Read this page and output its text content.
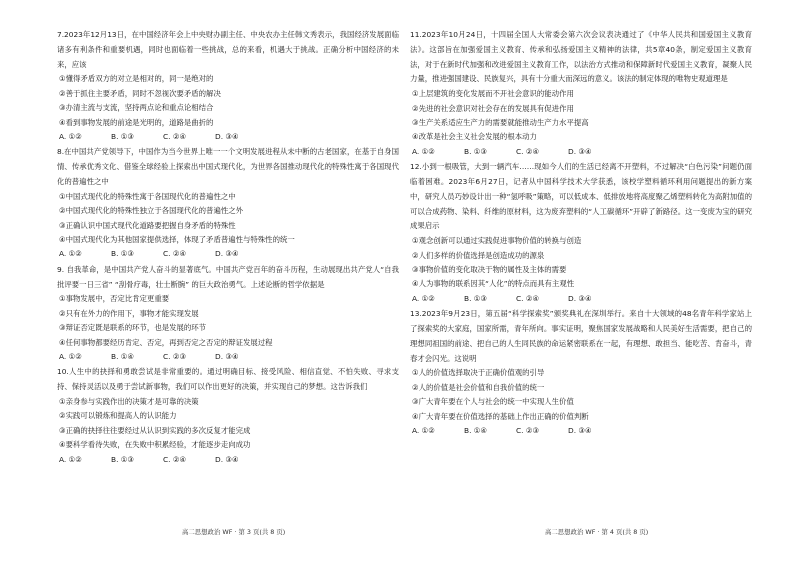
7.2023年12月13日，在中国经济年会上中央财办副主任、中央农办主任韩文秀表示，我国经济发展面临诸多有利条件和重要机遇，同时也面临着一些挑战，总的来看，机遇大于挑战。正确分析中国经济的未来，应该

①懂得矛盾双方的对立是相对的，同一是绝对的
②善于抓住主要矛盾，同时不忽视次要矛盾的解决
③办清主流与支流，坚持两点论和重点论相结合
④看到事物发展的前途是光明的，道路是曲折的
A. ①②	B. ①③	C. ②④	D. ③④

8.在中国共产党领导下，中国作为当今世界上唯一一个文明发展进程从未中断的古老国家，在基于自身国情、传承优秀文化、借鉴全球经验上探索出中国式现代化，为世界各国推动现代化的特殊性寓于各国现代化的普遍性之中

①中国式现代化的特殊性寓于各国现代化的普遍性之中
②中国式现代化的特殊性独立于各国现代化的普遍性之外
③正确认识中国式现代化道路要把握自身矛盾的特殊性
④中国式现代化为其他国家提供选择，体现了矛盾普遍性与特殊性的统一
A. ①②	B. ①③	C. ②④	D. ③④

9. 自我革命，是中国共产党人奋斗的显著底气。中国共产党百年的奋斗历程，生动展现出共产党人“自我批评要一日三省” “刮骨疗毒，壮士断腕” 的巨大政治勇气。上述论断的哲学依据是

①事物发展中，否定比肯定更重要
②只有在外力的作用下，事物才能实现发展
③辩证否定既是联系的环节，也是发展的环节
④任何事物都要经历肯定、否定，再到否定之否定的辩证发展过程
A. ①②	B. ①④	C. ②③	D. ③④

10.人生中的抉择和勇敢尝试是非常重要的。通过明确目标、接受风险、相信直觉、不怕失败、寻求支持、保持灵活以及勇于尝试新事物，我们可以作出更好的决策，并实现自己的梦想。这告诉我们

①亲身参与实践作出的决策才是可靠的决策
②实践可以锻炼和提高人的认识能力
③正确的抉择往往要经过从认识到实践的多次反复才能完成
④要科学看待失败，在失败中积累经验，才能逐步走向成功
A. ①②	B. ①③	C. ②④	D. ③④

11.2023年10月24日，十四届全国人大常委会第六次会议表决通过了《中华人民共和国爱国主义教育法》。这部旨在加强爱国主义教育、传承和弘扬爱国主义精神的法律，共5章40条，制定爱国主义教育法，对于在新时代加强和改进爱国主义教育工作，以法治方式推动和保障新时代爱国主义教育，凝聚人民力量，推进强国建设、民族复兴，具有十分重大而深远的意义。该法的制定体现的唯物史观道理是

①上层建筑的变化发展而不开社会意识的能动作用
②先进的社会意识对社会存在的发展具有促进作用
③生产关系适应生产力的需要就能推动生产力水平提高
④改革是社会主义社会发展的根本动力
A. ①②	B. ①③	C. ②④	D. ③④

12.小到一根吸管，大到一辆汽车……现如今人们的生活已经离不开塑料，不过解决“白色污染”问题仍面临着困难。2023年6月27日，记者从中国科学技术大学获悉，该校学塑料循环利用问题提出的新方案中，研究人员巧妙设计出一种“氢呼吸”策略，可以低成本、低排放地将高度聚乙烯塑料转化为高附加值的可以合成药物、染料、纤维的原材料，这为废弃塑料的“人工碳循环”开辟了新路径。这一变废为宝的研究成果启示

①观念创新可以通过实践促进事物价值的转换与创造
②人们多样的价值选择是创造成功的源泉
③事物价值的变化取决于物的属性及主体的需要
④人为事物的联系因其“人化”的特点而具有主观性
A. ①②	B. ①③	C. ②④	D. ③④

13.2023年9月23日，第五届“科学探索奖”颁奖典礼在深圳举行。来自十大领域的48名青年科学家站上了探索奖的大家庭，国家所需，青年所向。事实证明，聚焦国家发展战略和人民美好生活需要，把自己的理想同祖国的前途、把自己的人生同民族的命运紧密联系在一起，有理想、敢担当、能吃苦、肯奋斗，青春才会闪光。这说明

①人的价值选择取决于正确价值观的引导
②人的价值是社会价值和自我价值的统一
③广大青年要在个人与社会的统一中实现人生价值
④广大青年要在价值选择的基础上作出正确的价值判断
A. ①②	B. ①④	C. ②③	D. ③④
高二思想政治 WF · 第 3 页(共 8 页)	高二思想政治 WF · 第 4 页(共 8 页)
